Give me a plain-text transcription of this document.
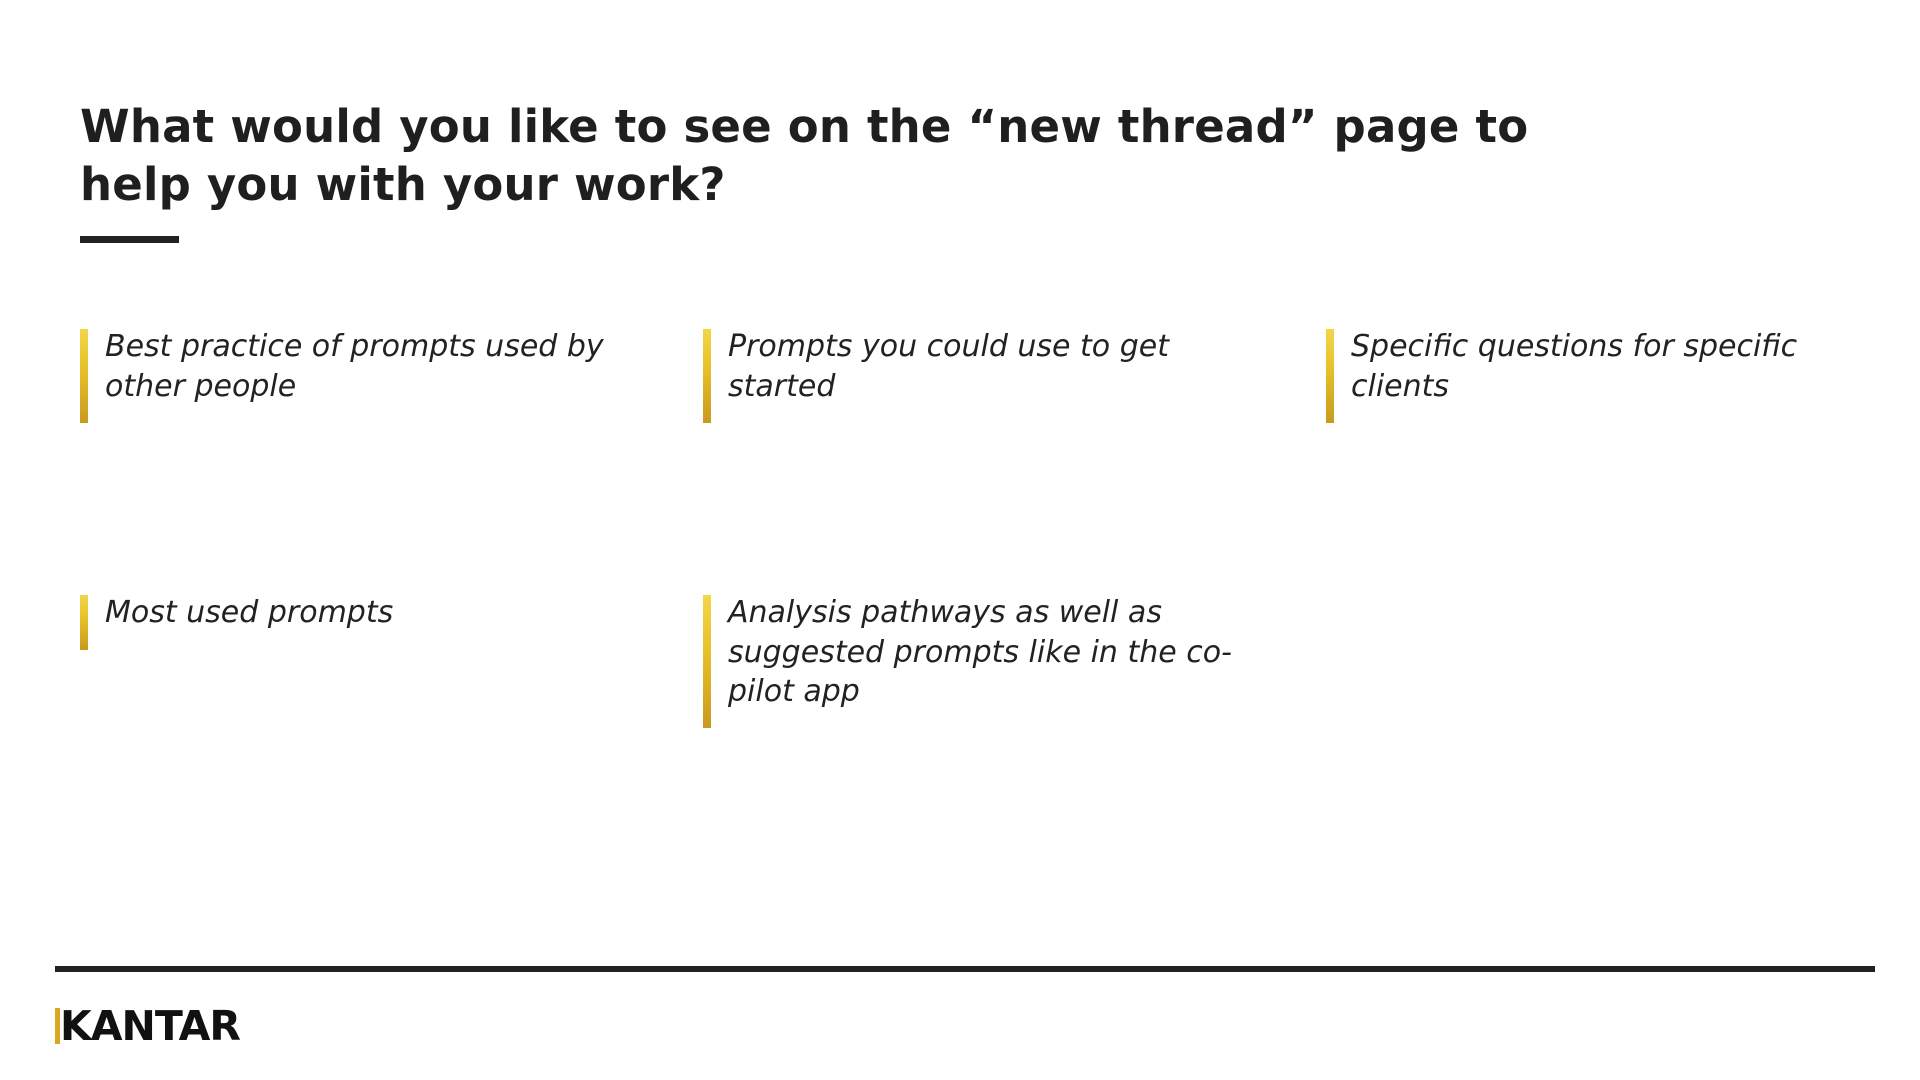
What would you like to see on the “new thread” page to help you with your work?
Best practice of prompts used by other people
Prompts you could use to get started
Specific questions for specific clients
Most used prompts	Analysis pathways as well as suggested prompts like in the co-pilot app
KANTAR
